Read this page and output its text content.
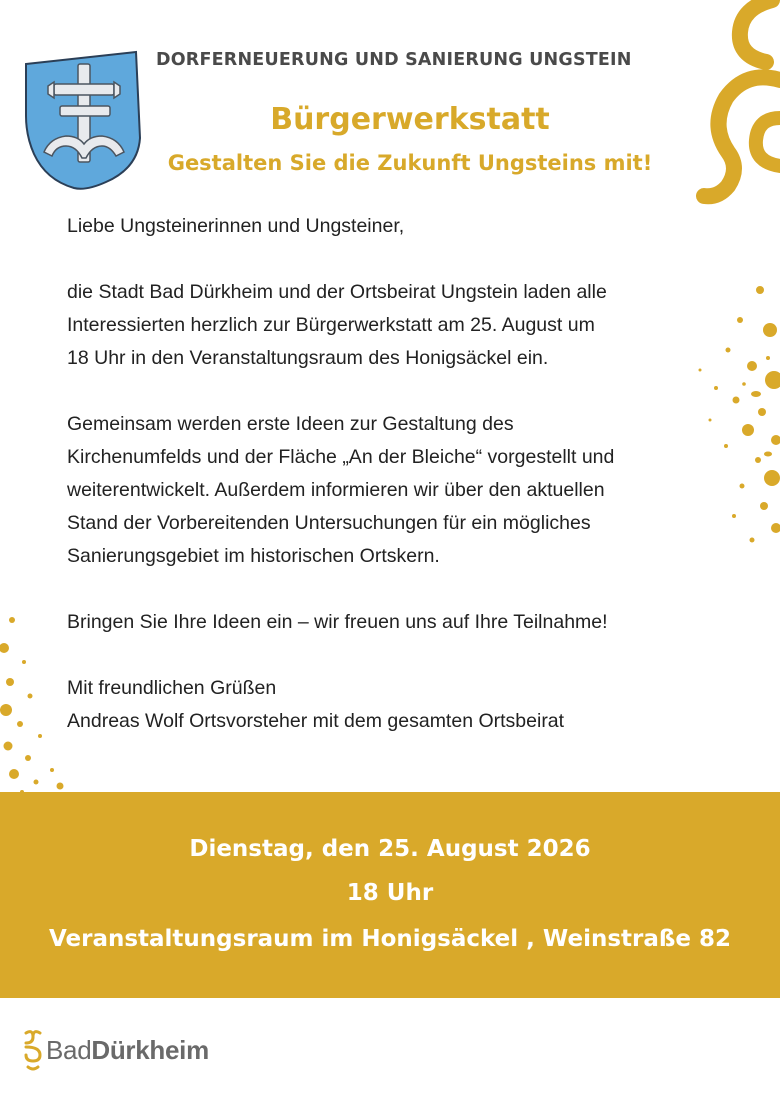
DORFERNEUERUNG UND SANIERUNG UNGSTEIN
Bürgerwerkstatt
Gestalten Sie die Zukunft Ungsteins mit!

Liebe Ungsteinerinnen und Ungsteiner,

die Stadt Bad Dürkheim und der Ortsbeirat Ungstein laden alle
Interessierten herzlich zur Bürgerwerkstatt am 25. August um
18 Uhr in den Veranstaltungsraum des Honigsäckel ein.

Gemeinsam werden erste Ideen zur Gestaltung des
Kirchenumfelds und der Fläche „An der Bleiche“ vorgestellt und
weiterentwickelt. Außerdem informieren wir über den aktuellen
Stand der Vorbereitenden Untersuchungen für ein mögliches
Sanierungsgebiet im historischen Ortskern.

Bringen Sie Ihre Ideen ein – wir freuen uns auf Ihre Teilnahme!

Mit freundlichen Grüßen
Andreas Wolf Ortsvorsteher mit dem gesamten Ortsbeirat

Dienstag, den 25. August 2026
18 Uhr
Veranstaltungsraum im Honigsäckel , Weinstraße 82
BadDürkheim
